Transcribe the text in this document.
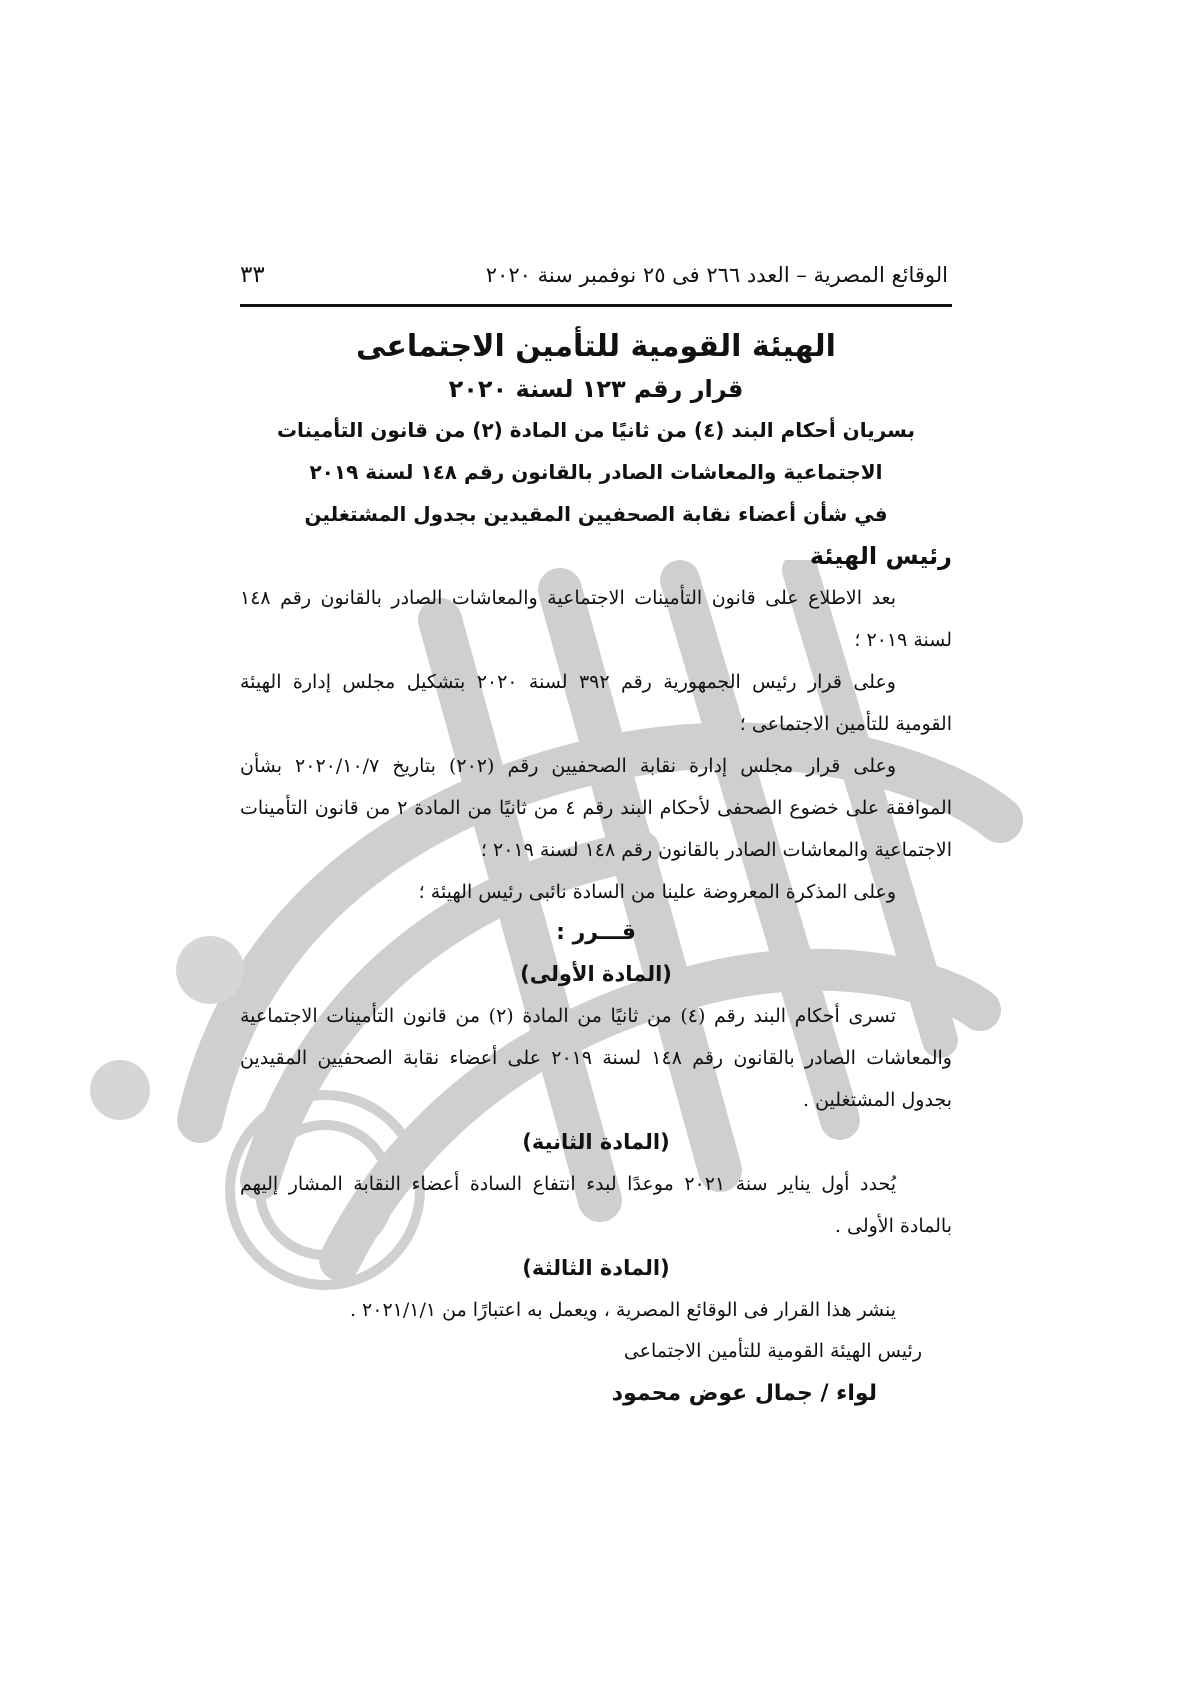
الوقائع المصرية – العدد ٢٦٦ فى ٢٥ نوفمبر سنة ٢٠٢٠
٣٣

الهيئة القومية للتأمين الاجتماعى

قرار رقم ١٢٣ لسنة ٢٠٢٠

بسريان أحكام البند (٤) من ثانيًا من المادة (٢) من قانون التأمينات

الاجتماعية والمعاشات الصادر بالقانون رقم ١٤٨ لسنة ٢٠١٩

في شأن أعضاء نقابة الصحفيين المقيدين بجدول المشتغلين

رئيس الهيئة

بعد الاطلاع على قانون التأمينات الاجتماعية والمعاشات الصادر بالقانون رقم ١٤٨ لسنة ٢٠١٩ ؛

وعلى قرار رئيس الجمهورية رقم ٣٩٢ لسنة ٢٠٢٠ بتشكيل مجلس إدارة الهيئة القومية للتأمين الاجتماعى ؛

وعلى قرار مجلس إدارة نقابة الصحفيين رقم (٢٠٢) بتاريخ ٢٠٢٠/١٠/٧ بشأن الموافقة على خضوع الصحفى لأحكام البند رقم ٤ من ثانيًا من المادة ٢ من قانون التأمينات الاجتماعية والمعاشات الصادر بالقانون رقم ١٤٨ لسنة ٢٠١٩ ؛

وعلى المذكرة المعروضة علينا من السادة نائبى رئيس الهيئة ؛

قـــرر :

(المادة الأولى)

تسرى أحكام البند رقم (٤) من ثانيًا من المادة (٢) من قانون التأمينات الاجتماعية والمعاشات الصادر بالقانون رقم ١٤٨ لسنة ٢٠١٩ على أعضاء نقابة الصحفيين المقيدين بجدول المشتغلين .

(المادة الثانية)

يُحدد أول يناير سنة ٢٠٢١ موعدًا لبدء انتفاع السادة أعضاء النقابة المشار إليهم بالمادة الأولى .

(المادة الثالثة)

ينشر هذا القرار فى الوقائع المصرية ، ويعمل به اعتبارًا من ٢٠٢١/١/١ .

رئيس الهيئة القومية للتأمين الاجتماعى

لواء / جمال عوض محمود
